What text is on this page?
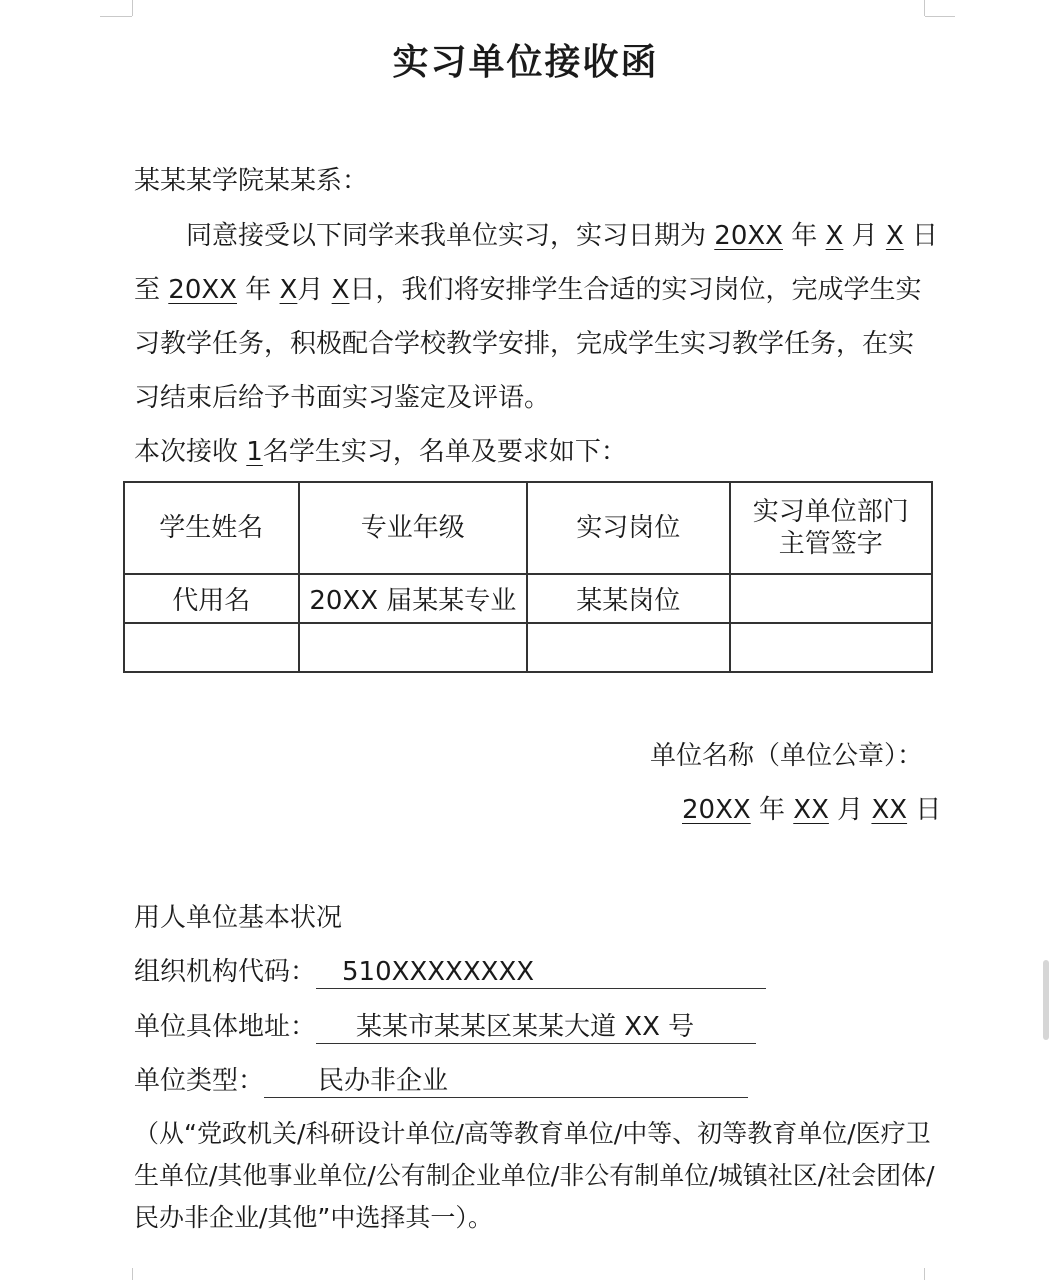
实习单位接收函
某某某学院某某系：
同意接受以下同学来我单位实习，实习日期为 20XX 年 X 月 X 日
至 20XX 年 X月 X日，我们将安排学生合适的实习岗位，完成学生实
习教学任务，积极配合学校教学安排，完成学生实习教学任务，在实
习结束后给予书面实习鉴定及评语。
本次接收 1名学生实习，名单及要求如下：
学生姓名	专业年级	实习岗位	实习单位部门
主管签字
代用名	20XX 届某某专业	某某岗位	

单位名称（单位公章）：
20XX 年 XX 月 XX 日
用人单位基本状况
组织机构代码： 510XXXXXXXX
单位具体地址：	某某市某某区某某大道 XX 号
单位类型：	民办非企业
（从“党政机关/科研设计单位/高等教育单位/中等、初等教育单位/医疗卫
生单位/其他事业单位/公有制企业单位/非公有制单位/城镇社区/社会团体/
民办非企业/其他”中选择其一）。
